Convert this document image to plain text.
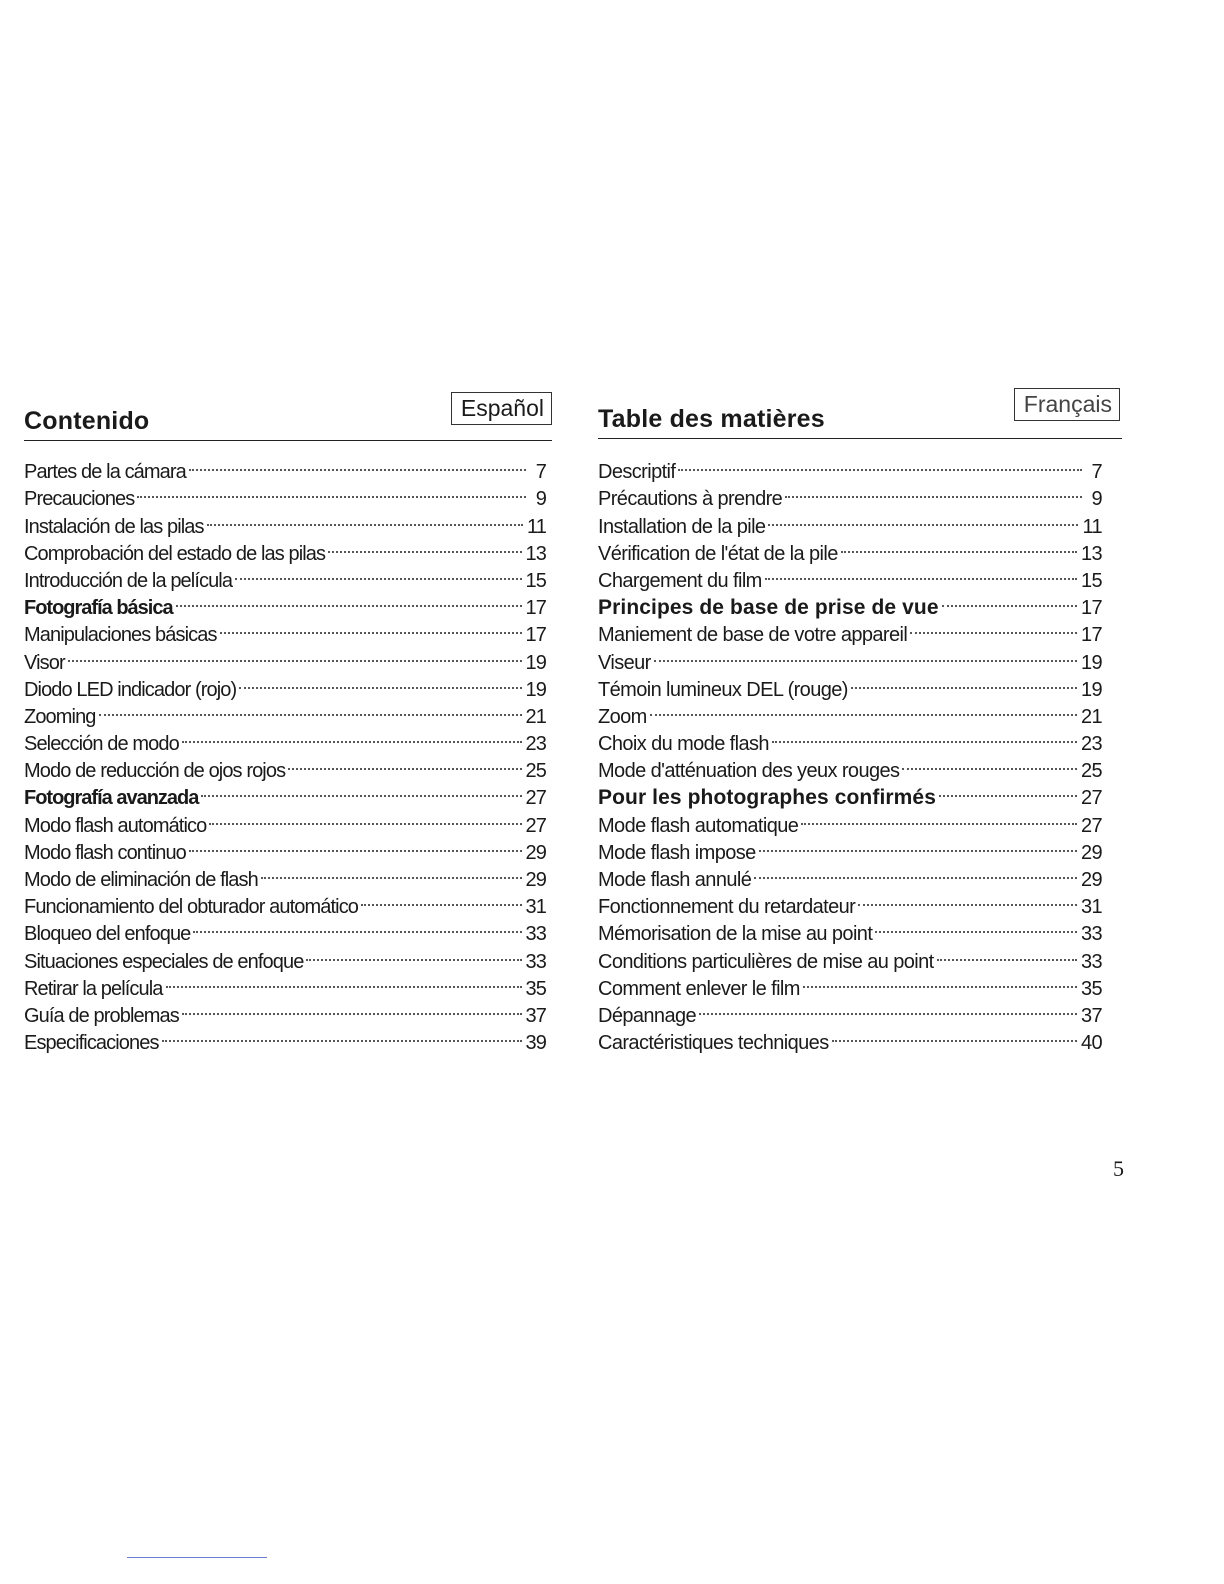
Contenido	Español
Partes de la cámara	7
Precauciones	9
Instalación de las pilas	11
Comprobación del estado de las pilas	13
Introducción de la película	15
Fotografía básica	17
Manipulaciones básicas	17
Visor	19
Diodo LED indicador (rojo)	19
Zooming	21
Selección de modo	23
Modo de reducción de ojos rojos	25
Fotografía avanzada	27
Modo flash automático	27
Modo flash continuo	29
Modo de eliminación de flash	29
Funcionamiento del obturador automático	31
Bloqueo del enfoque	33
Situaciones especiales de enfoque	33
Retirar la película	35
Guía de problemas	37
Especificaciones	39
Table des matières
Français
Descriptif	7
Précautions à prendre	9
Installation de la pile	11
Vérification de l'état de la pile	13
Chargement du film	15
Principes de base de prise de vue	17
Maniement de base de votre appareil	17
Viseur	19
Témoin lumineux DEL (rouge)	19
Zoom	21
Choix du mode flash	23
Mode d'atténuation des yeux rouges	25
Pour les photographes confirmés	27
Mode flash automatique	27
Mode flash impose	29
Mode flash annulé	29
Fonctionnement du retardateur	31
Mémorisation de la mise au point	33
Conditions particulières de mise au point	33
Comment enlever le film	35
Dépannage	37
Caractéristiques techniques	40
5
